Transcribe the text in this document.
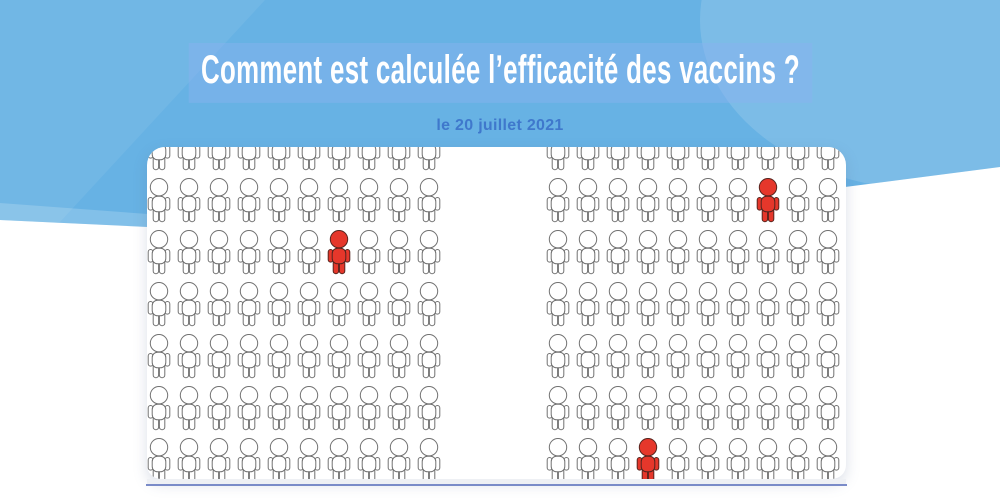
Comment est calculée l’efficacité des vaccins ?
le 20 juillet 2021
